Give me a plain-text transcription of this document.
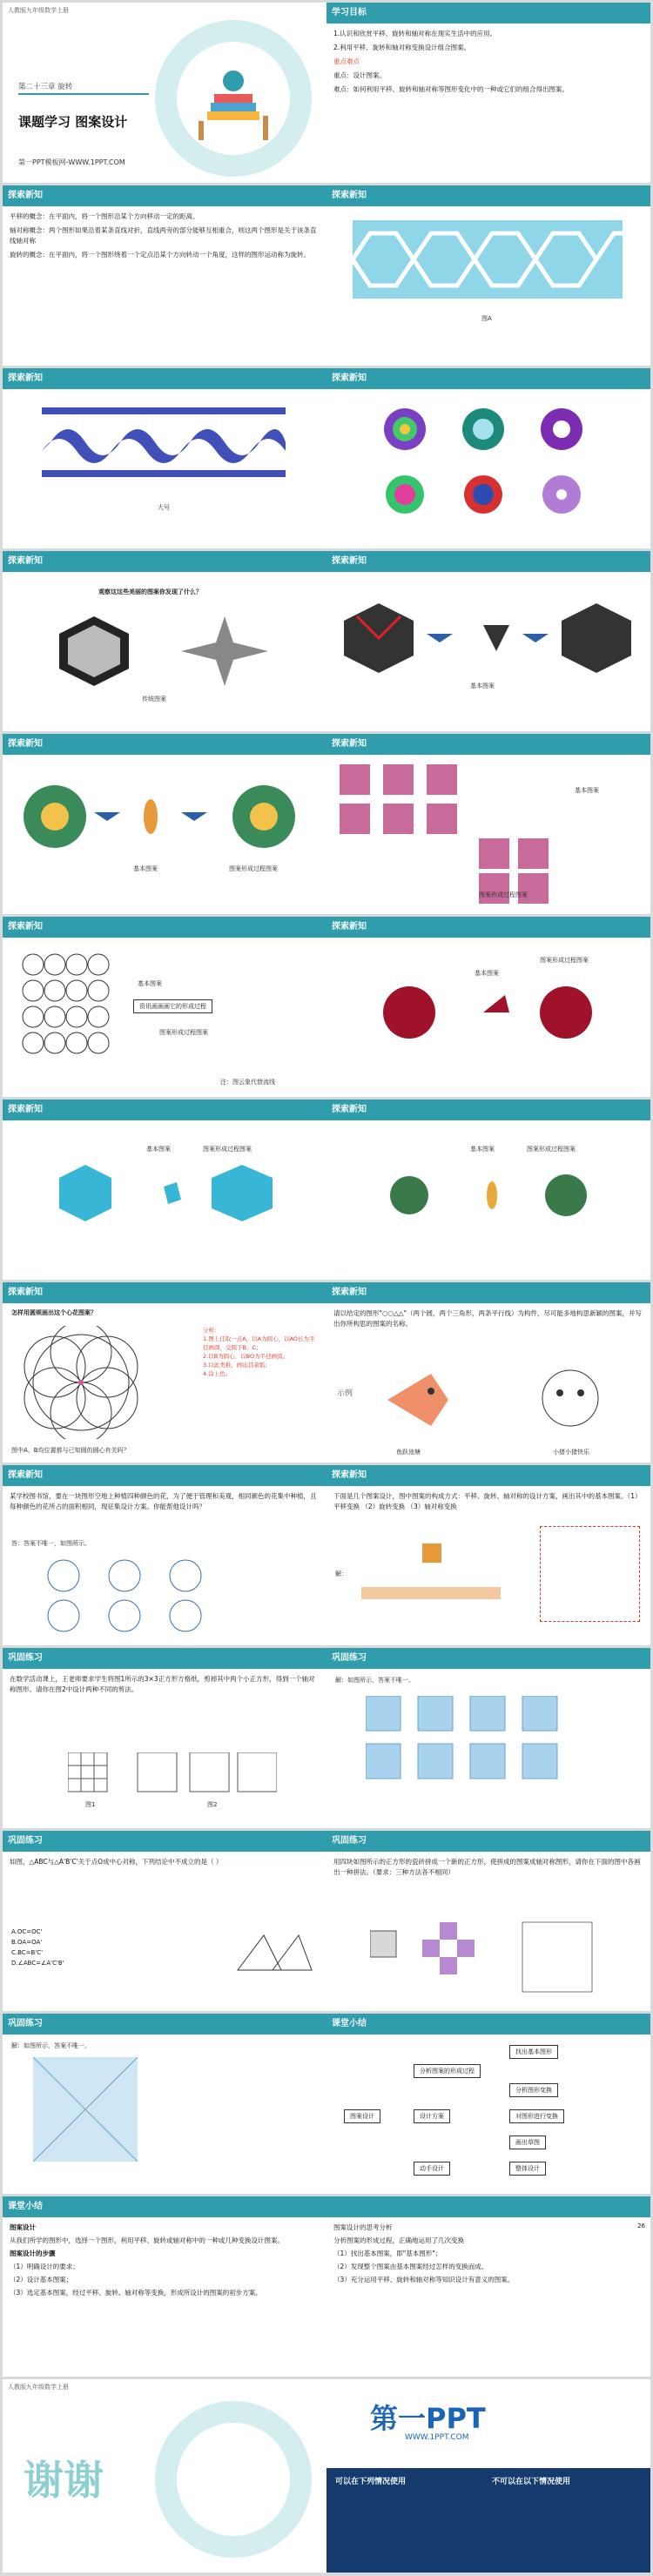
人教版九年级数学上册
第二十三章 旋转
课题学习 图案设计
第一PPT模板网-WWW.1PPT.COM
学习目标

1.认识和欣赏平移、旋转和轴对称在现实生活中的应用。

2.利用平移、旋转和轴对称变换设计组合图案。

重点难点

重点：设计图案。

难点：如何利用平移、旋转和轴对称等图形变化中的一种或它们的组合得出图案。

探索新知

平移的概念：在平面内，将一个图形沿某个方向移动一定的距离。

轴对称概念：两个图形如果沿着某条直线对折，直线两旁的部分能够互相重合，则这两个图形是关于该条直线轴对称

旋转的概念：在平面内，将一个图形绕着一个定点沿某个方向转动一个角度，这样的图形运动称为旋转。

探索新知
图A
探索新知
大号
探索新知
探索新知
观察这这些美丽的图案你发现了什么？
传统图案
探索新知
基本图案
探索新知
基本图案	图案形成过程图案
探索新知
基本图案
图案形成过程图案
探索新知
基本图案
资讯画画画它的形成过程
图案形成过程图案
注：图云象代替流线
探索新知
基本图案
图案形成过程图案
探索新知
基本图案	图案形成过程图案
探索新知
基本图案	图案形成过程图案
探索新知
怎样用圆规画出这个心花图案？
分析：
1.图上任取一点A，以A为圆心，以AO长为半径画圆，交圆于B、C；
2.以B为圆心，以BO为半径画弧；
3.以此类推，画出其余弧；
4.涂上色。
图中A、B均位置都与已知圆的圆心有关吗？
探索新知
请以给定的图形"○○△△"（两个圆，两个三角形，两条平行线）为构件，尽可能多地构思新颖的图案，并写出你所构思的图案的名称。
示例
鱼跃池塘	小猪小猪快乐
探索新知
某学校图书馆，要在一块图形空地上种植四种颜色的花，为了便于管理和美观，相同颜色的花集中种植，且每种颜色的花所占的面积相同，现征集设计方案。你能帮他设计吗？
答：答案不唯一，如图所示。
探索新知
下面是几个图案设计，图中图案的构成方式：平移、旋转、轴对称的设计方案，画出其中的基本图案。（1）平移变换 （2）旋转变换 （3）轴对称变换
解：
巩固练习
在数学活动课上，王老师要求学生将图1所示的3×3正方形方格纸，剪掉其中两个小正方形，得到一个轴对称图形。请你在图2中设计两种不同的剪法。
图1	图2
巩固练习
解：如图所示，答案不唯一。
巩固练习
如图，△ABC与△A'B'C'关于点O成中心对称，下列结论中不成立的是（ ）
A.OC=OC'
B.OA=OA'
C.BC=B'C'
D.∠ABC=∠A'C'B'
巩固练习
用四块如图所示的正方形的瓷砖拼成一个新的正方形，使拼成的图案成轴对称图形，请你在下面的图中各画出一种拼法。（要求：三种方法各不相同）
巩固练习
解：如图所示，答案不唯一。
课堂小结
图案设计
分析图案的形成过程
设计方案
动手设计
找出基本图形
分析图形变换
对图形进行变换
画出草图
整体设计
课堂小结

图案设计

从我们所学的图形中，选择一个图形，利用平移、旋转或轴对称中的一种或几种变换设计图案。

图案设计的步骤

（1）明确设计的要求；

（2）设计基本图案；

（3）选定基本图案，经过平移、旋转、轴对称等变换，形成所设计的图案的初步方案。

图案设计的思考分析

分析图案的形成过程，正确地运用了几次变换

（1）找出基本图案，即"基本图形"；

（2）发现整个图案由基本图案经过怎样的变换而成。

（3）充分运用平移、旋转和轴对称等知识设计有意义的图案。

26
人教版九年级数学上册
谢谢
第一PPT
WWW.1PPT.COM
可以在下列情况使用	不可以在以下情况使用
